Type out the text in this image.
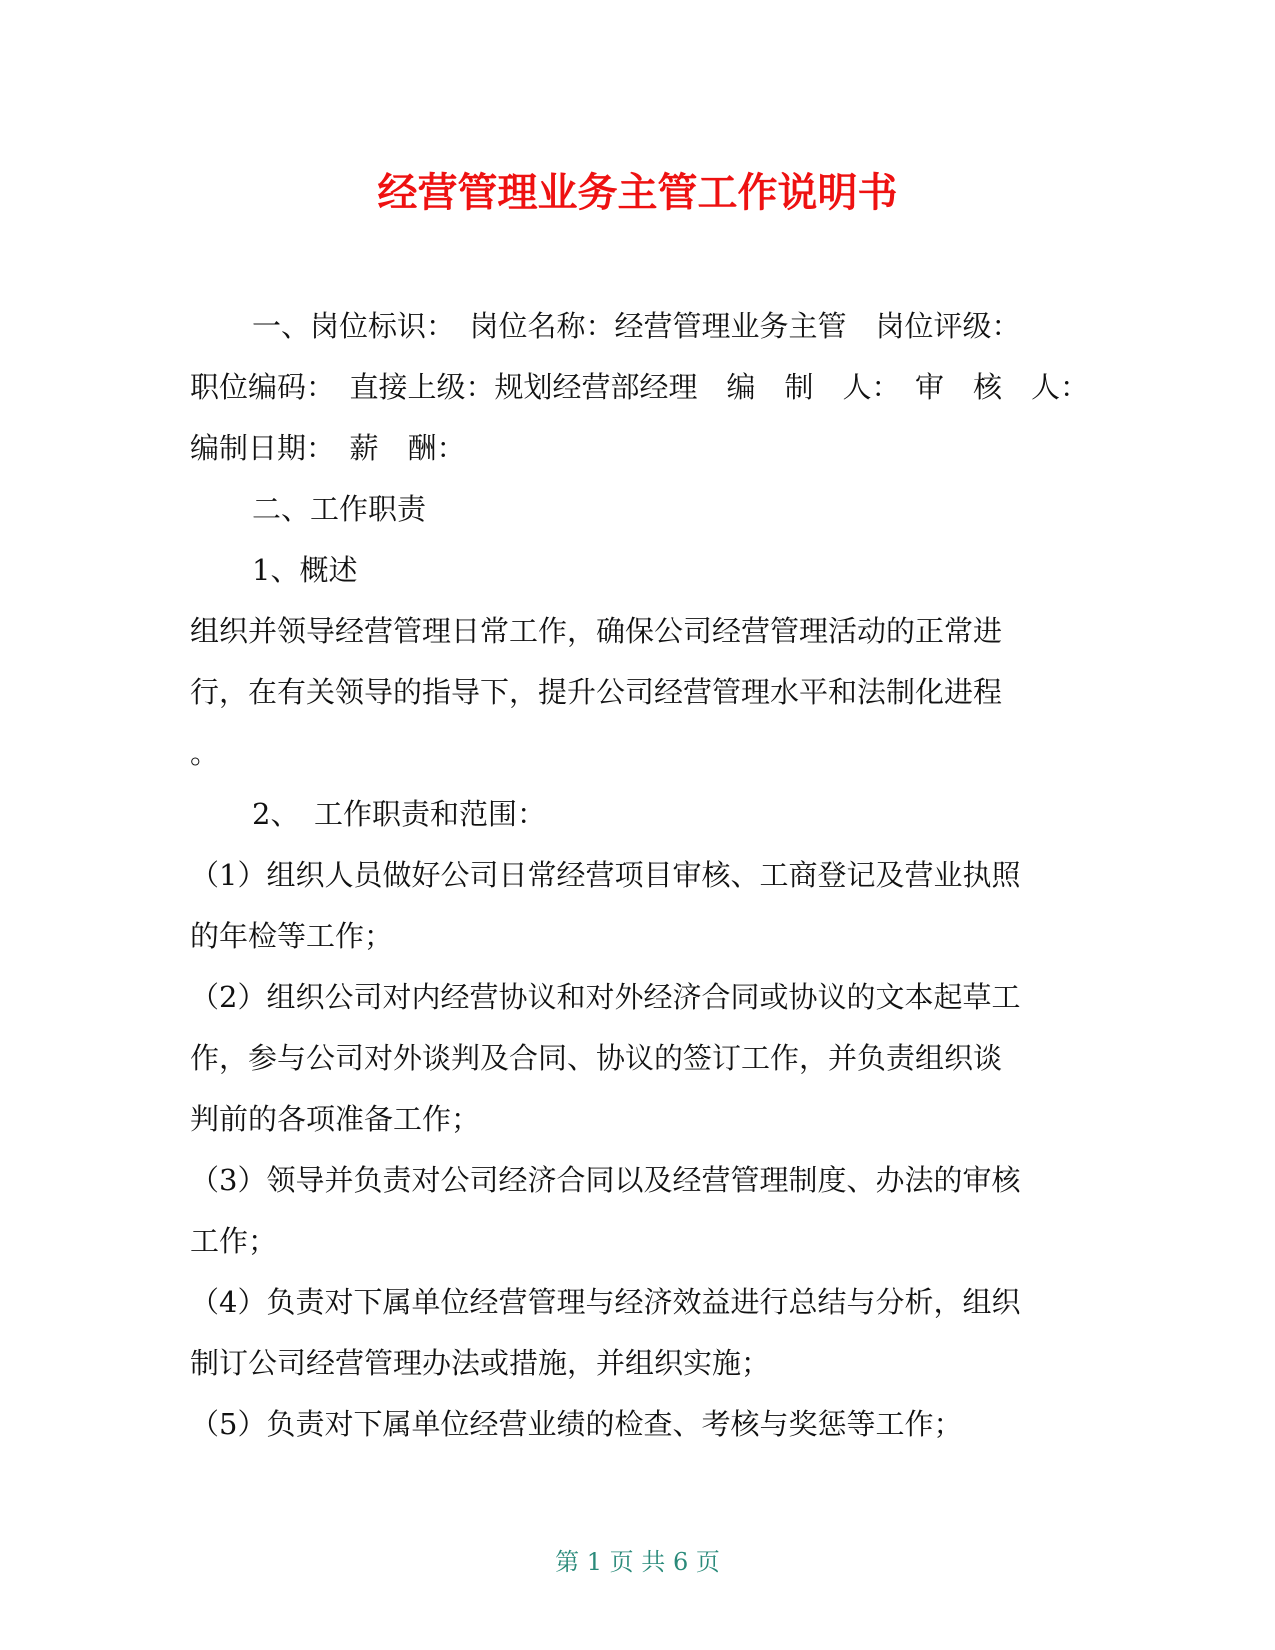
经营管理业务主管工作说明书
一、岗位标识：　岗位名称：经营管理业务主管　岗位评级：
职位编码：　直接上级：规划经营部经理　编　制　人：　审　核　人：
编制日期：　薪　酬：
二、工作职责
1、概述
组织并领导经营管理日常工作，确保公司经营管理活动的正常进
行，在有关领导的指导下，提升公司经营管理水平和法制化进程
。
2、　工作职责和范围：
（1）组织人员做好公司日常经营项目审核、工商登记及营业执照
的年检等工作；
（2）组织公司对内经营协议和对外经济合同或协议的文本起草工
作，参与公司对外谈判及合同、协议的签订工作，并负责组织谈
判前的各项准备工作；
（3）领导并负责对公司经济合同以及经营管理制度、办法的审核
工作；
（4）负责对下属单位经营管理与经济效益进行总结与分析，组织
制订公司经营管理办法或措施，并组织实施；
（5）负责对下属单位经营业绩的检查、考核与奖惩等工作；
第 1 页 共 6 页
